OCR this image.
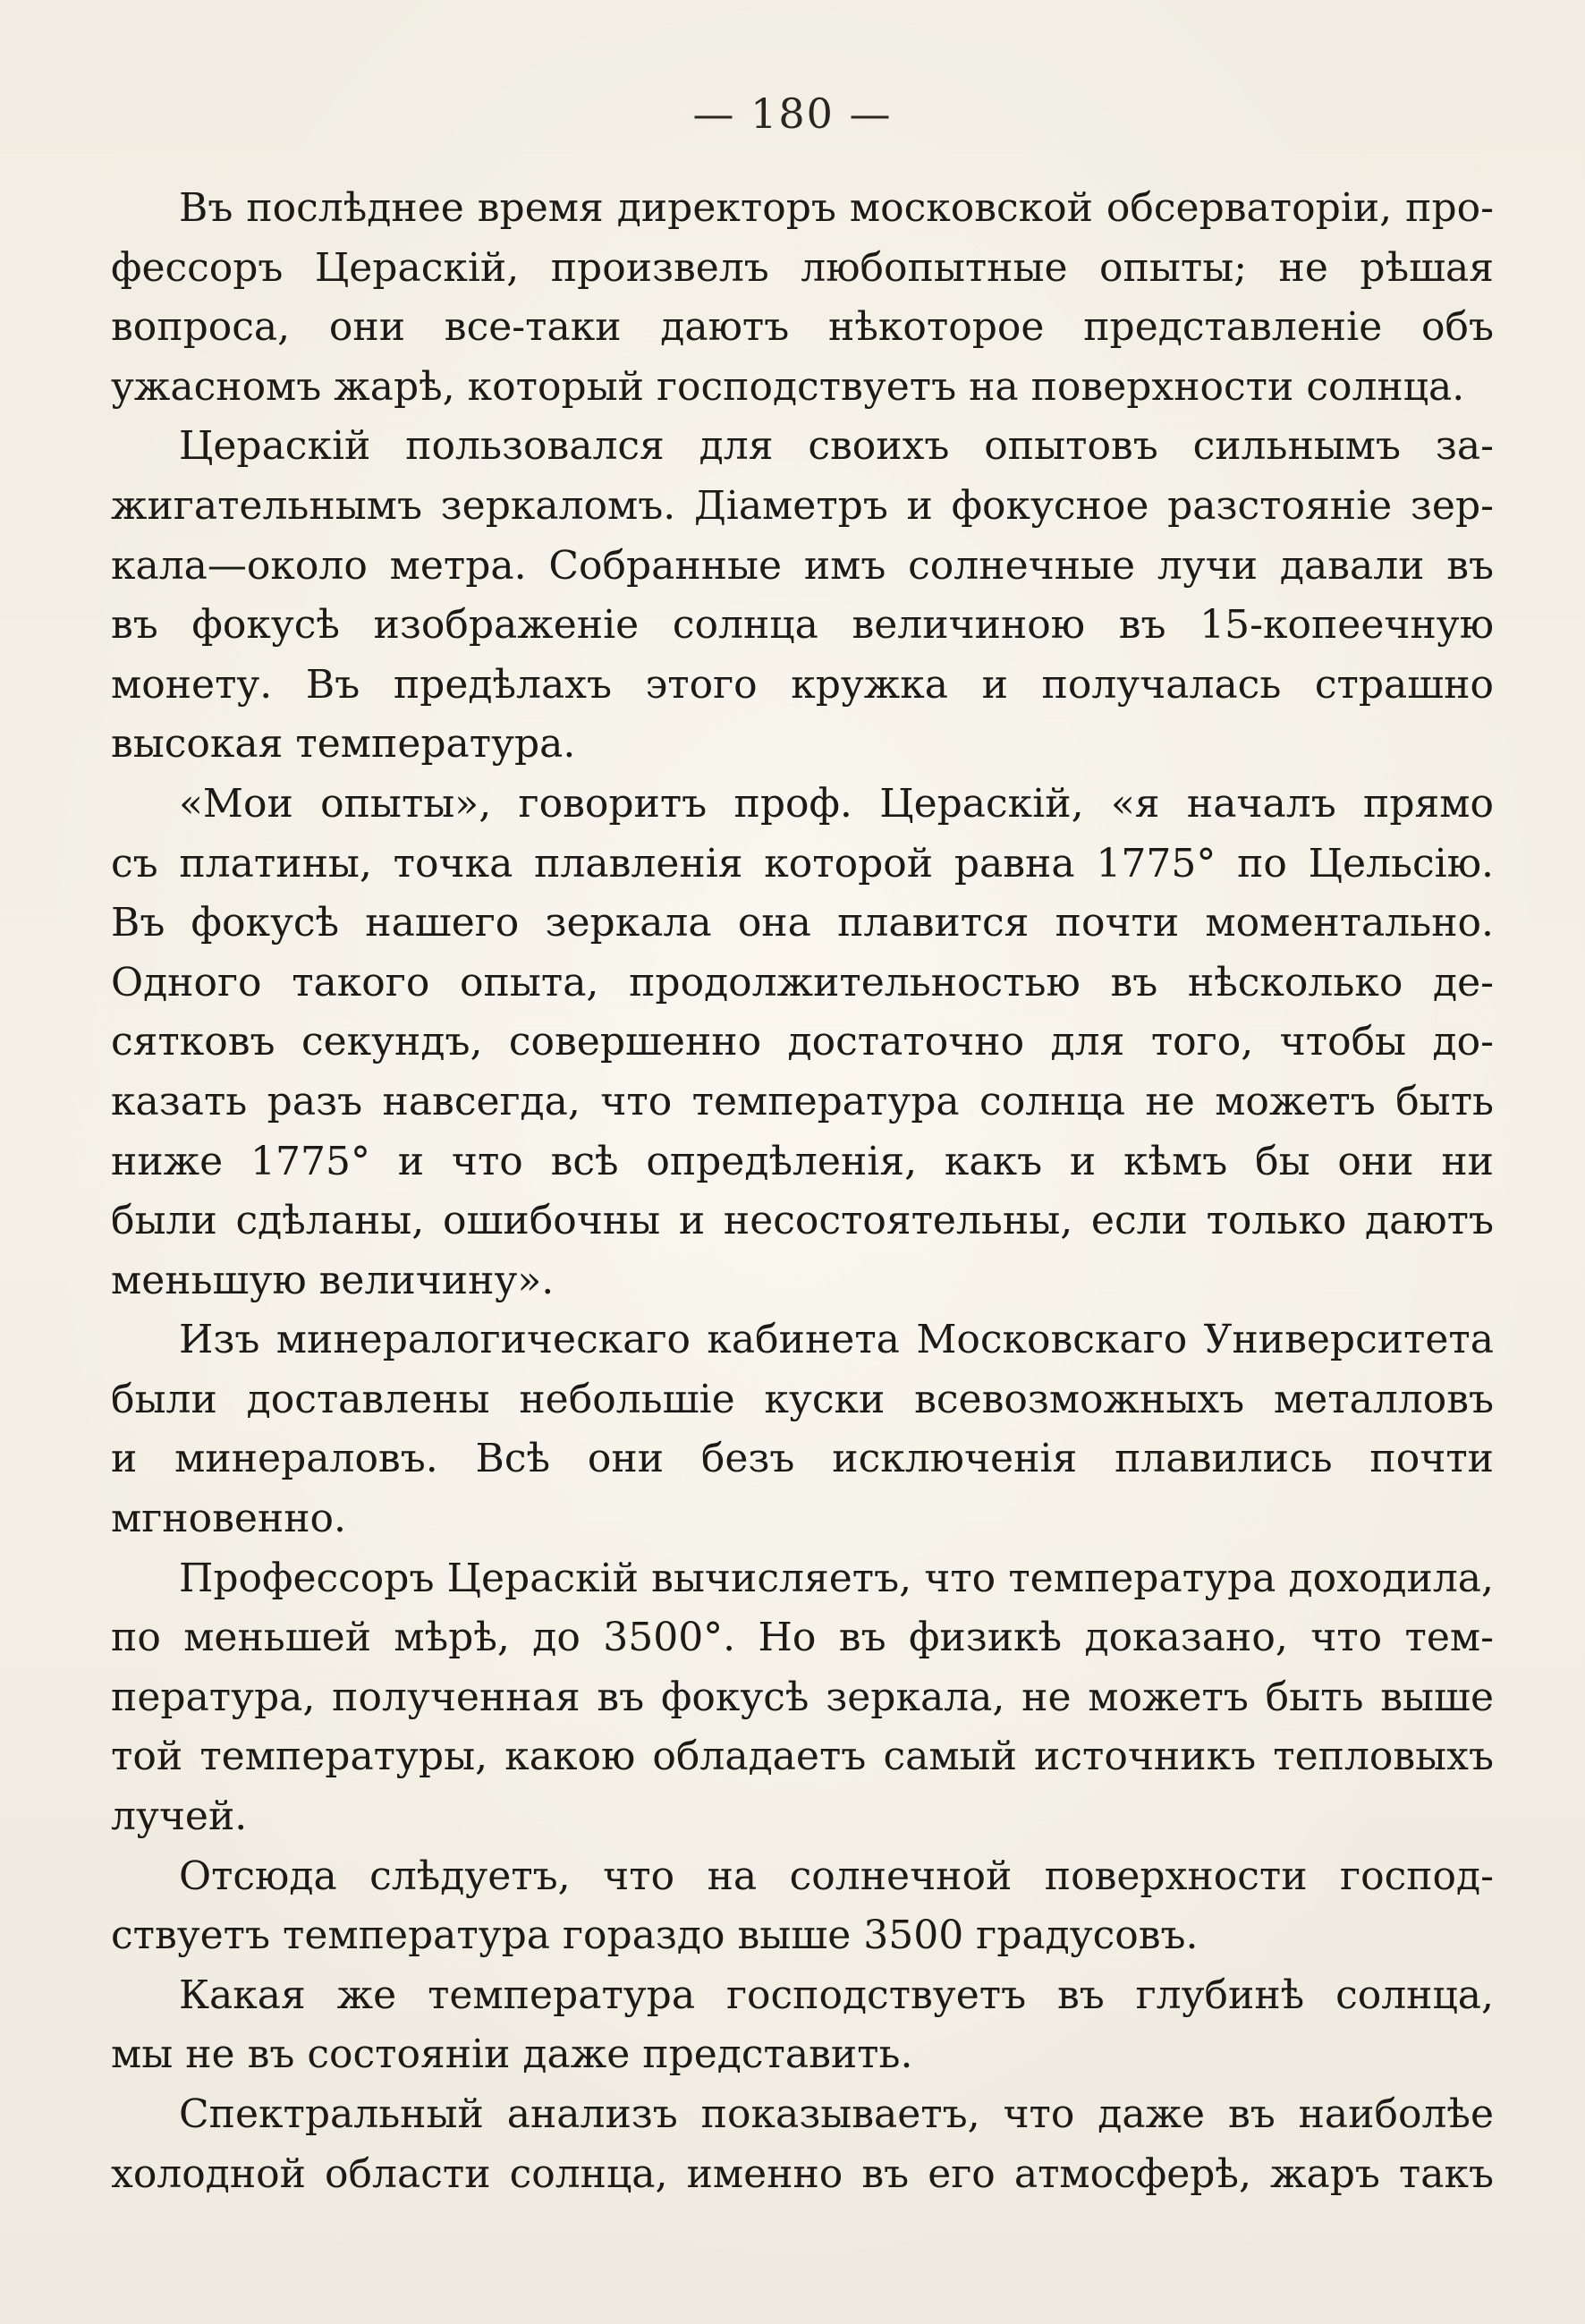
— 180 —
Въ послѣднее время директоръ московской обсерваторіи, про-
фессоръ Цераскій, произвелъ любопытные опыты; не рѣшая
вопроса, они все-таки даютъ нѣкоторое представленіе объ
ужасномъ жарѣ, который господствуетъ на поверхности солнца.
Цераскій пользовался для своихъ опытовъ сильнымъ за-
жигательнымъ зеркаломъ. Діаметръ и фокусное разстояніе зер-
кала—около метра. Собранные имъ солнечные лучи давали въ
въ фокусѣ изображеніе солнца величиною въ 15-копеечную
монету. Въ предѣлахъ этого кружка и получалась страшно
высокая температура.
«Мои опыты», говоритъ проф. Цераскій, «я началъ прямо
съ платины, точка плавленія которой равна 1775° по Цельсію.
Въ фокусѣ нашего зеркала она плавится почти моментально.
Одного такого опыта, продолжительностью въ нѣсколько де-
сятковъ секундъ, совершенно достаточно для того, чтобы до-
казать разъ навсегда, что температура солнца не можетъ быть
ниже 1775° и что всѣ опредѣленія, какъ и кѣмъ бы они ни
были сдѣланы, ошибочны и несостоятельны, если только даютъ
меньшую величину».
Изъ минералогическаго кабинета Московскаго Университета
были доставлены небольшіе куски всевозможныхъ металловъ
и минераловъ. Всѣ они безъ исключенія плавились почти
мгновенно.
Профессоръ Цераскій вычисляетъ, что температура доходила,
по меньшей мѣрѣ, до 3500°. Но въ физикѣ доказано, что тем-
пература, полученная въ фокусѣ зеркала, не можетъ быть выше
той температуры, какою обладаетъ самый источникъ тепловыхъ
лучей.
Отсюда слѣдуетъ, что на солнечной поверхности господ-
ствуетъ температура гораздо выше 3500 градусовъ.
Какая же температура господствуетъ въ глубинѣ солнца,
мы не въ состояніи даже представить.
Спектральный анализъ показываетъ, что даже въ наиболѣе
холодной области солнца, именно въ его атмосферѣ, жаръ такъ
